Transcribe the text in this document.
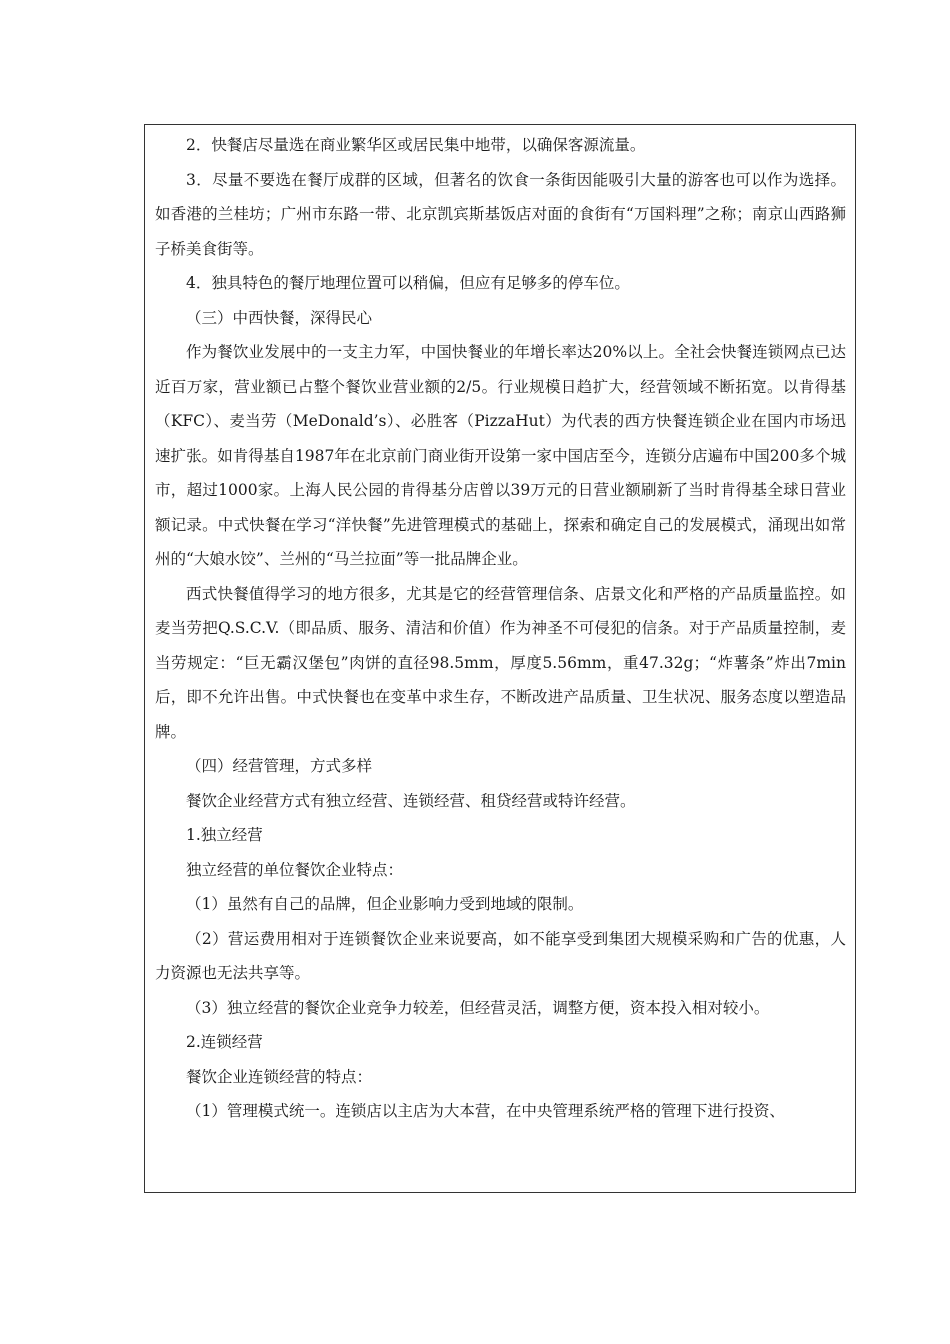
2．快餐店尽量选在商业繁华区或居民集中地带，以确保客源流量。

3．尽量不要选在餐厅成群的区域，但著名的饮食一条街因能吸引大量的游客也可以作为选择。如香港的兰桂坊；广州市东路一带、北京凯宾斯基饭店对面的食街有“万国料理”之称；南京山西路狮子桥美食街等。

4．独具特色的餐厅地理位置可以稍偏，但应有足够多的停车位。

（三）中西快餐，深得民心

作为餐饮业发展中的一支主力军，中国快餐业的年增长率达20%以上。全社会快餐连锁网点已达近百万家，营业额已占整个餐饮业营业额的2/5。行业规模日趋扩大，经营领域不断拓宽。以肯得基（KFC）、麦当劳（MeDonald’s）、必胜客（PizzaHut）为代表的西方快餐连锁企业在国内市场迅速扩张。如肯得基自1987年在北京前门商业街开设第一家中国店至今，连锁分店遍布中国200多个城市，超过1000家。上海人民公园的肯得基分店曾以39万元的日营业额刷新了当时肯得基全球日营业额记录。中式快餐在学习“洋快餐”先进管理模式的基础上，探索和确定自己的发展模式，涌现出如常州的“大娘水饺”、兰州的“马兰拉面”等一批品牌企业。

西式快餐值得学习的地方很多，尤其是它的经营管理信条、店景文化和严格的产品质量监控。如麦当劳把Q.S.C.V.（即品质、服务、清洁和价值）作为神圣不可侵犯的信条。对于产品质量控制，麦当劳规定：“巨无霸汉堡包”肉饼的直径98.5mm，厚度5.56mm，重47.32g；“炸薯条”炸出7min后，即不允许出售。中式快餐也在变革中求生存，不断改进产品质量、卫生状况、服务态度以塑造品牌。

（四）经营管理，方式多样

餐饮企业经营方式有独立经营、连锁经营、租贷经营或特许经营。

1.独立经营

独立经营的单位餐饮企业特点：

（1）虽然有自己的品牌，但企业影响力受到地域的限制。

（2）营运费用相对于连锁餐饮企业来说要高，如不能享受到集团大规模采购和广告的优惠，人力资源也无法共享等。

（3）独立经营的餐饮企业竞争力较差，但经营灵活，调整方便，资本投入相对较小。

2.连锁经营

餐饮企业连锁经营的特点：

（1）管理模式统一。连锁店以主店为大本营，在中央管理系统严格的管理下进行投资、
